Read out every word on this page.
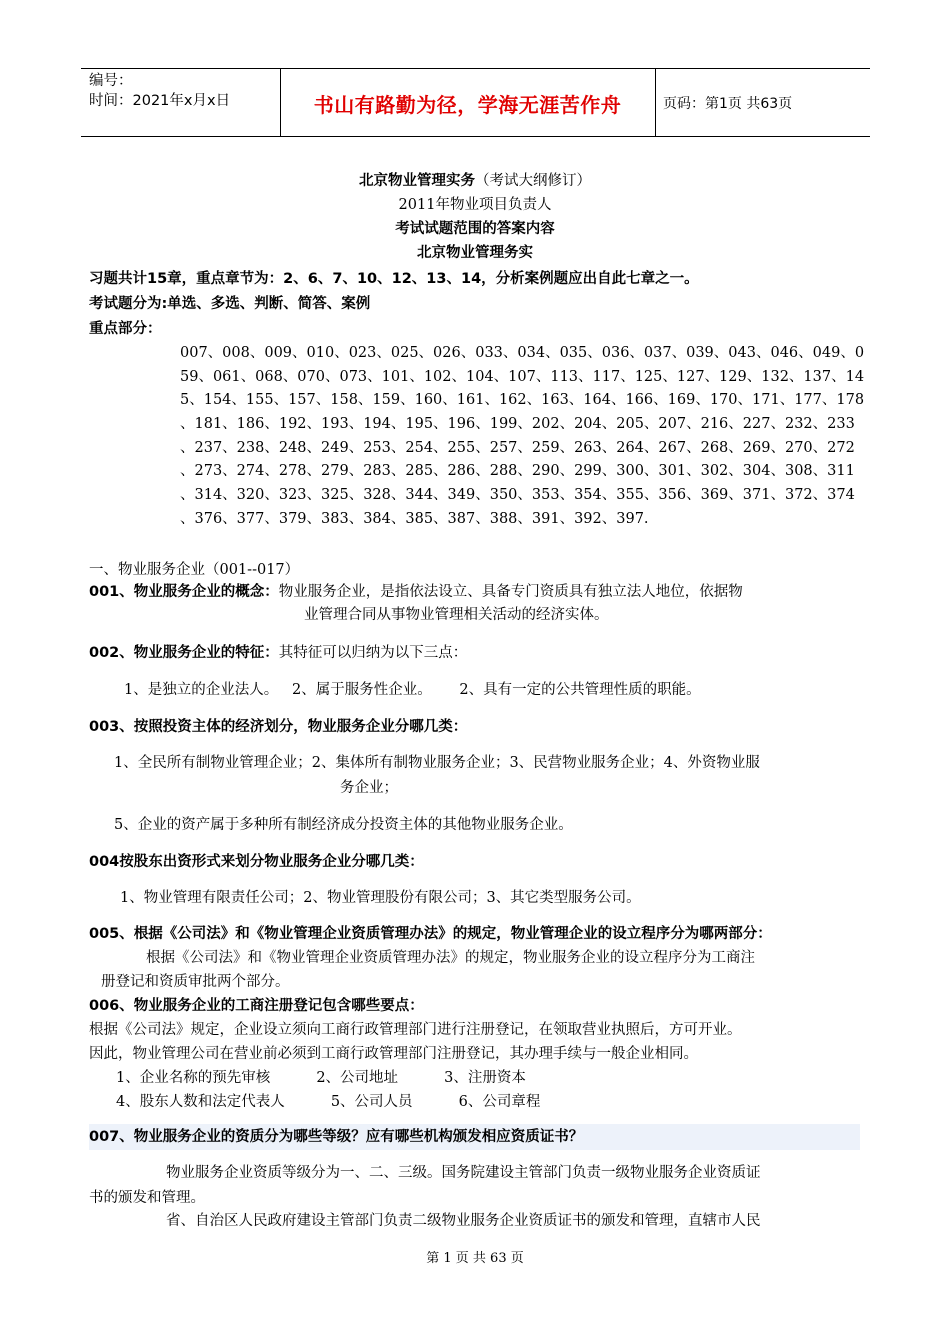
编号：
时间：2021年x月x日	书山有路勤为径，学海无涯苦作舟	页码：第1页 共63页
北京物业管理实务（考试大纲修订）
2011年物业项目负责人
考试试题范围的答案内容
北京物业管理务实
习题共计15章，重点章节为：2、6、7、10、12、13、14，分析案例题应出自此七章之一。
考试题分为:单选、多选、判断、简答、案例
重点部分：
007、008、009、010、023、025、026、033、034、035、036、037、039、043、046、049、0
59、061、068、070、073、101、102、104、107、113、117、125、127、129、132、137、14
5、154、155、157、158、159、160、161、162、163、164、166、169、170、171、177、178
、181、186、192、193、194、195、196、199、202、204、205、207、216、227、232、233
、237、238、248、249、253、254、255、257、259、263、264、267、268、269、270、272
、273、274、278、279、283、285、286、288、290、299、300、301、302、304、308、311
、314、320、323、325、328、344、349、350、353、354、355、356、369、371、372、374
、376、377、379、383、384、385、387、388、391、392、397.
一、物业服务企业（001--017）
001、物业服务企业的概念：物业服务企业，是指依法设立、具备专门资质具有独立法人地位，依据物
业管理合同从事物业管理相关活动的经济实体。
002、物业服务企业的特征：其特征可以归纳为以下三点：
1、是独立的企业法人。   2、属于服务性企业。      2、具有一定的公共管理性质的职能。
003、按照投资主体的经济划分，物业服务企业分哪几类：
1、全民所有制物业管理企业；2、集体所有制物业服务企业；3、民营物业服务企业；4、外资物业服
务企业；
5、企业的资产属于多种所有制经济成分投资主体的其他物业服务企业。
004按股东出资形式来划分物业服务企业分哪几类：
1、物业管理有限责任公司；2、物业管理股份有限公司；3、其它类型服务公司。
005、根据《公司法》和《物业管理企业资质管理办法》的规定，物业管理企业的设立程序分为哪两部分：
根据《公司法》和《物业管理企业资质管理办法》的规定，物业服务企业的设立程序分为工商注
册登记和资质审批两个部分。
006、物业服务企业的工商注册登记包含哪些要点：
根据《公司法》规定，企业设立须向工商行政管理部门进行注册登记，在领取营业执照后，方可开业。
因此，物业管理公司在营业前必须到工商行政管理部门注册登记，其办理手续与一般企业相同。
1、企业名称的预先审核          2、公司地址          3、注册资本
4、股东人数和法定代表人          5、公司人员          6、公司章程
007、物业服务企业的资质分为哪些等级？应有哪些机构颁发相应资质证书？
物业服务企业资质等级分为一、二、三级。国务院建设主管部门负责一级物业服务企业资质证
书的颁发和管理。
省、自治区人民政府建设主管部门负责二级物业服务企业资质证书的颁发和管理，直辖市人民
第 1 页 共 63 页
